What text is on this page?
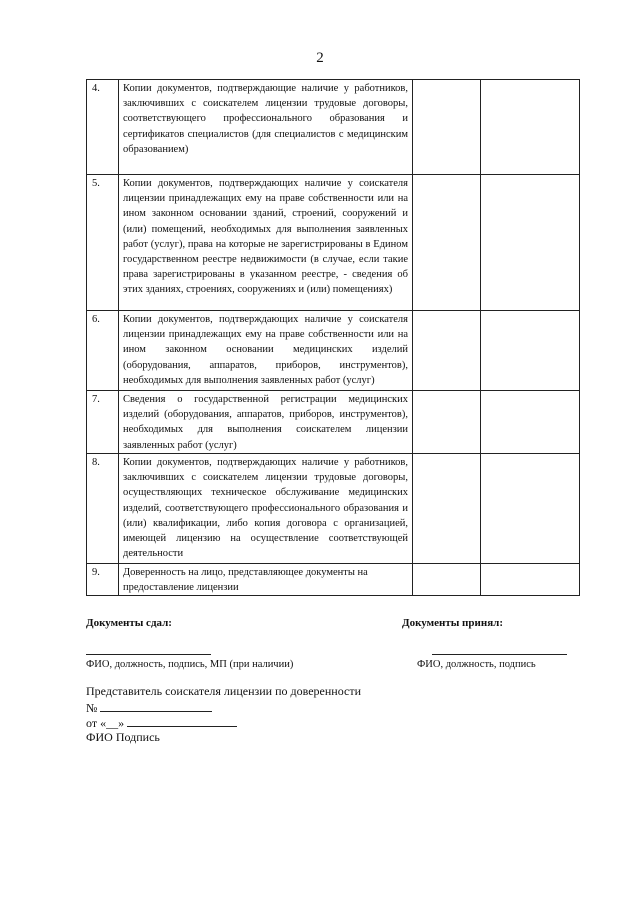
2
4.	Копии документов, подтверждающие наличие у работников, заключивших с соискателем лицензии трудовые договоры, соответствующего профессионального образования и сертификатов специалистов (для специалистов с медицинским образованием)		

5.	Копии документов, подтверждающих наличие у соискателя лицензии принадлежащих ему на праве собственности или на ином законном основании зданий, строений, сооружений и (или) помещений, необходимых для выполнения заявленных работ (услуг), права на которые не зарегистрированы в Едином государственном реестре недвижимости (в случае, если такие права зарегистрированы в указанном реестре, - сведения об этих зданиях, строениях, сооружениях и (или) помещениях)		

6.	Копии документов, подтверждающих наличие у соискателя лицензии принадлежащих ему на праве собственности или на ином законном основании медицинских изделий (оборудования, аппаратов, приборов, инструментов), необходимых для выполнения заявленных работ (услуг)		

7.	Сведения о государственной регистрации медицинских изделий (оборудования, аппаратов, приборов, инструментов), необходимых для выполнения соискателем лицензии заявленных работ (услуг)		

8.	Копии документов, подтверждающих наличие у работников, заключивших с соискателем лицензии трудовые договоры, осуществляющих техническое обслуживание медицинских изделий, соответствующего профессионального образования и (или) квалификации, либо копия договора с организацией, имеющей лицензию на осуществление соответствующей деятельности		

9.	Доверенность на лицо, представляющее документы на предоставление лицензии		

Документы сдал:	Документы принял:
ФИО, должность, подпись, МП (при наличии)	ФИО, должность, подпись
Представитель соискателя лицензии по доверенности
№
от «__»
ФИО Подпись
